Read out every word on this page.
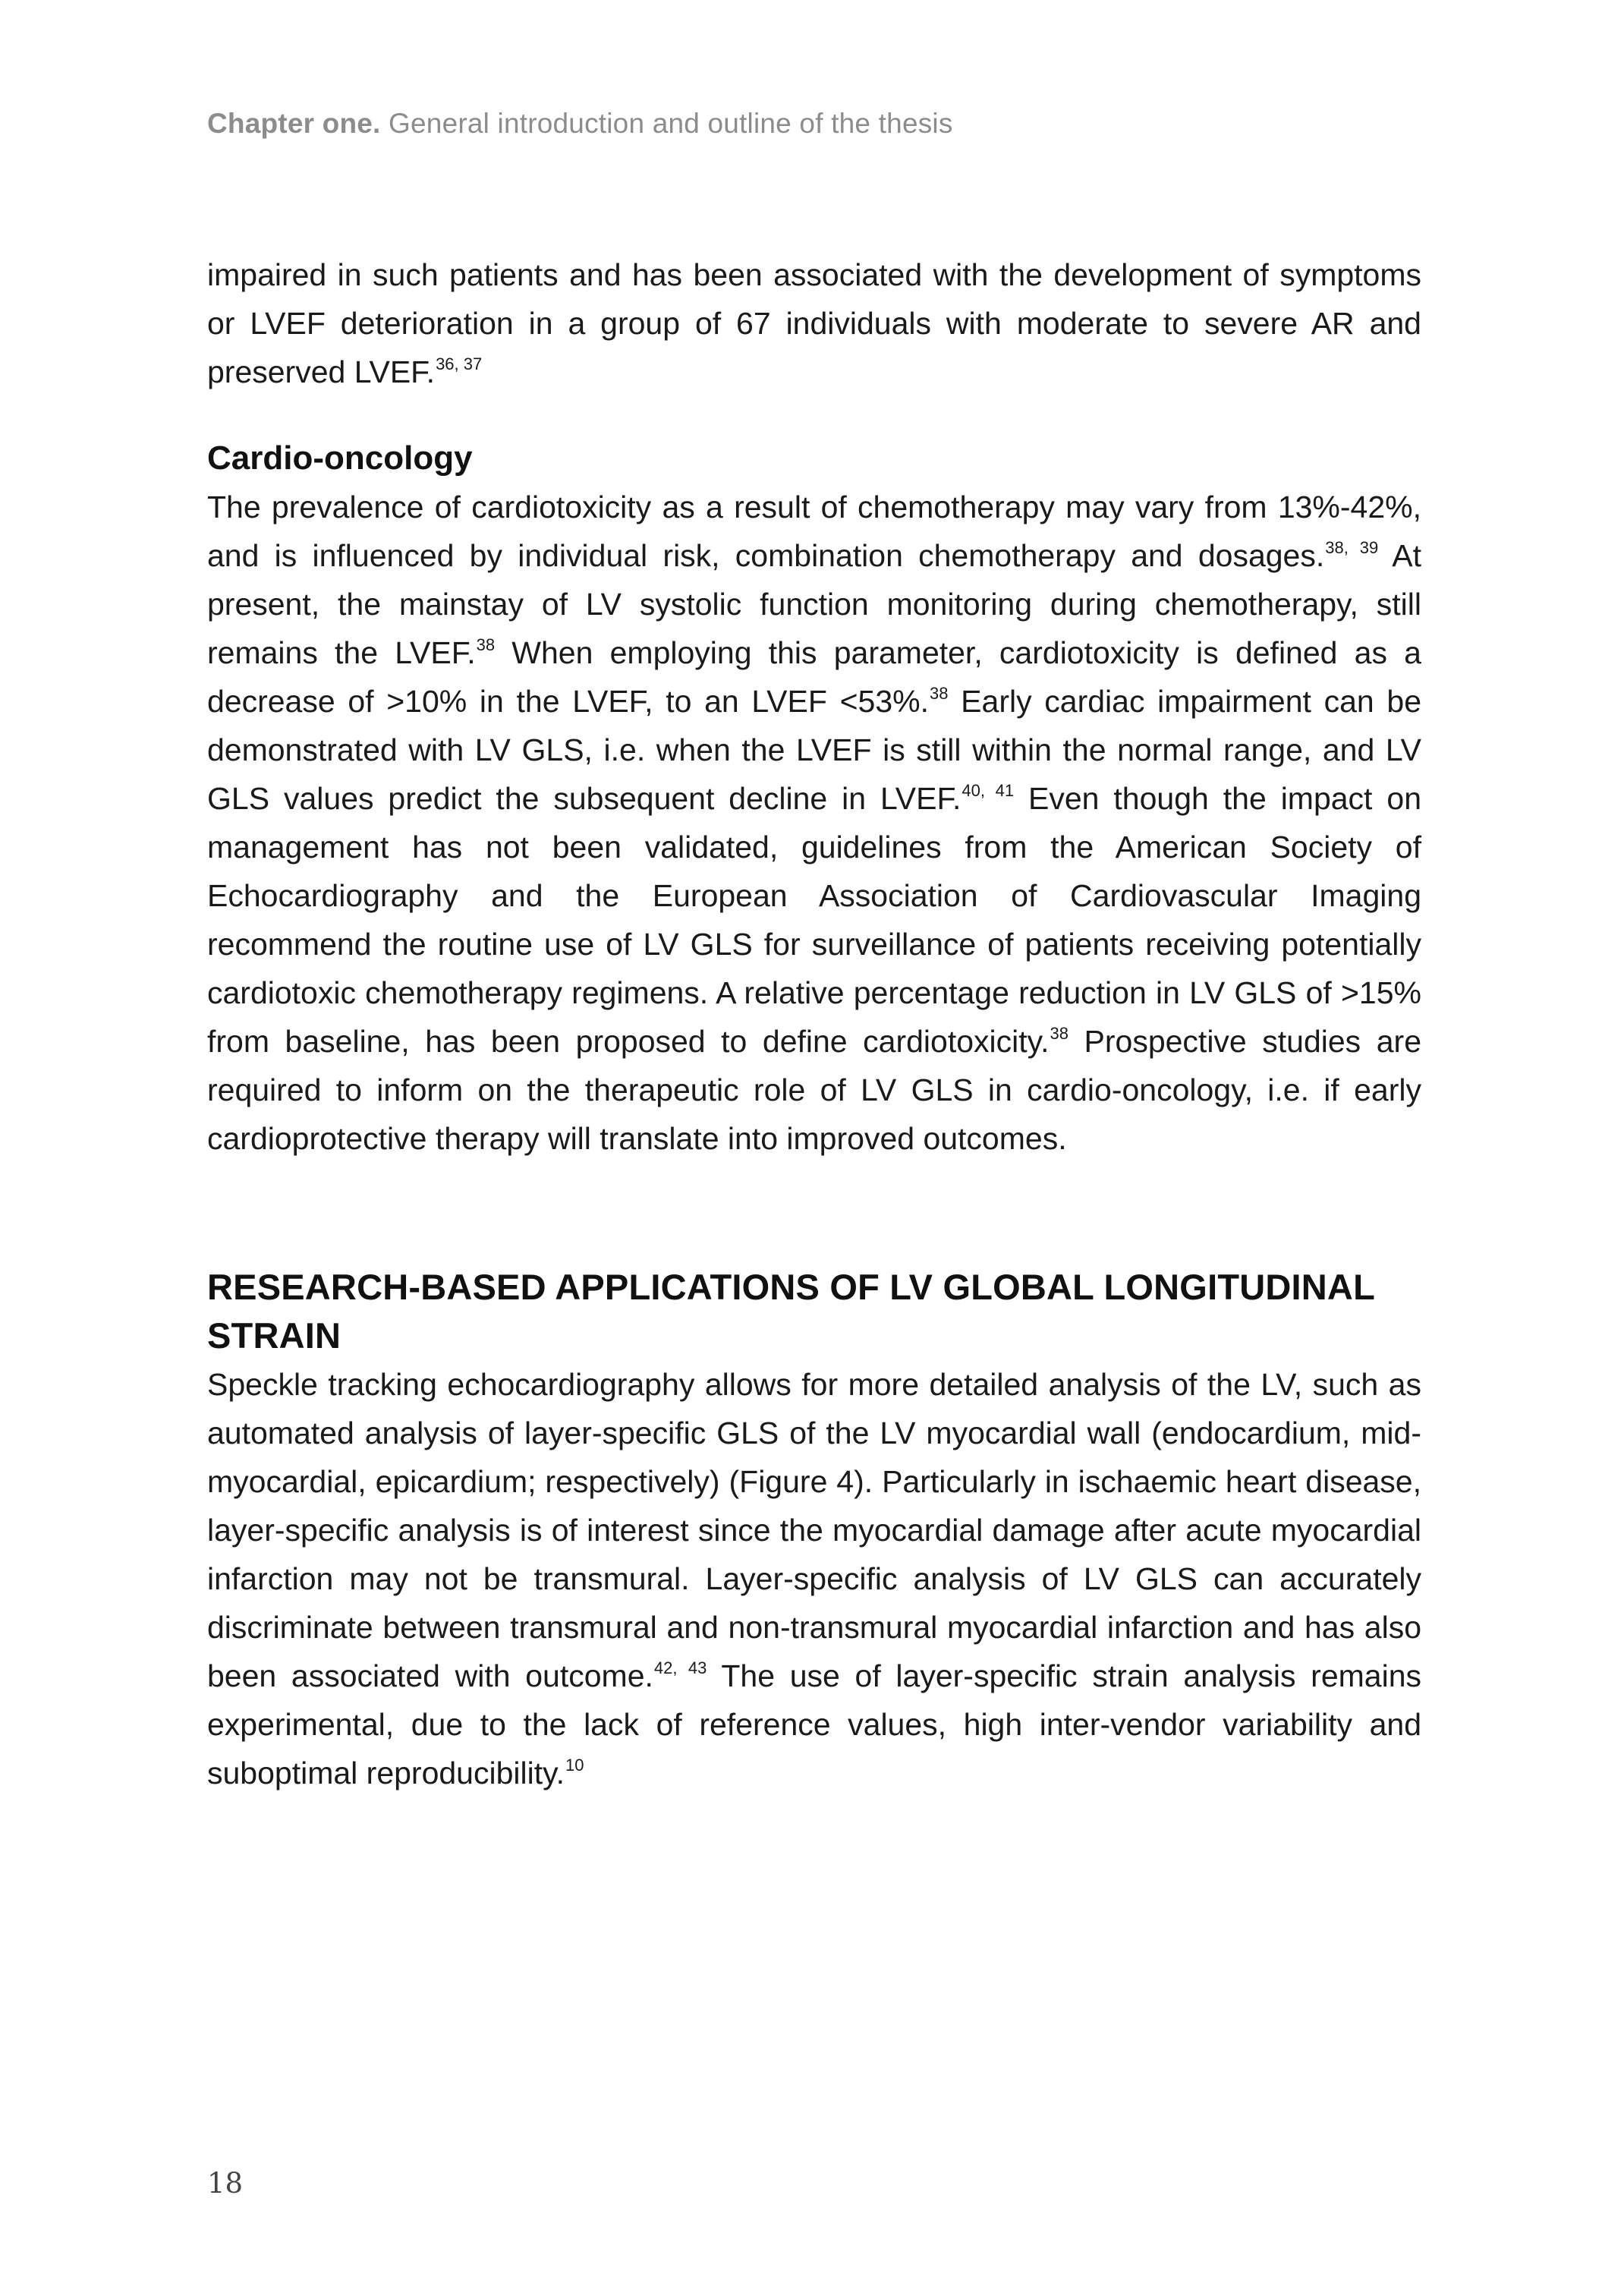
Chapter one. General introduction and outline of the thesis

impaired in such patients and has been associated with the development of symptoms or LVEF deterioration in a group of 67 individuals with moderate to severe AR and preserved LVEF.$^{36, 37}$

Cardio-oncology

The prevalence of cardiotoxicity as a result of chemotherapy may vary from 13%-42%, and is influenced by individual risk, combination chemotherapy and dosages.$^{38, 39}$ At present, the mainstay of LV systolic function monitoring during chemotherapy, still remains the LVEF.$^{38}$ When employing this parameter, cardiotoxicity is defined as a decrease of >10% in the LVEF, to an LVEF <53%.$^{38}$ Early cardiac impairment can be demonstrated with LV GLS, i.e. when the LVEF is still within the normal range, and LV GLS values predict the subsequent decline in LVEF.$^{40, 41}$ Even though the impact on management has not been validated, guidelines from the American Society of Echocardiography and the European Association of Cardiovascular Imaging recommend the routine use of LV GLS for surveillance of patients receiving potentially cardiotoxic chemotherapy regimens. A relative percentage reduction in LV GLS of >15% from baseline, has been proposed to define cardiotoxicity.$^{38}$ Prospective studies are required to inform on the therapeutic role of LV GLS in cardio-oncology, i.e. if early cardioprotective therapy will translate into improved outcomes.

RESEARCH-BASED APPLICATIONS OF LV GLOBAL LONGITUDINAL STRAIN

Speckle tracking echocardiography allows for more detailed analysis of the LV, such as automated analysis of layer-specific GLS of the LV myocardial wall (endocardium, mid-myocardial, epicardium; respectively) (Figure 4). Particularly in ischaemic heart disease, layer-specific analysis is of interest since the myocardial damage after acute myocardial infarction may not be transmural. Layer-specific analysis of LV GLS can accurately discriminate between transmural and non-transmural myocardial infarction and has also been associated with outcome.$^{42, 43}$ The use of layer-specific strain analysis remains experimental, due to the lack of reference values, high inter-vendor variability and suboptimal reproducibility.$^{10}$

18
